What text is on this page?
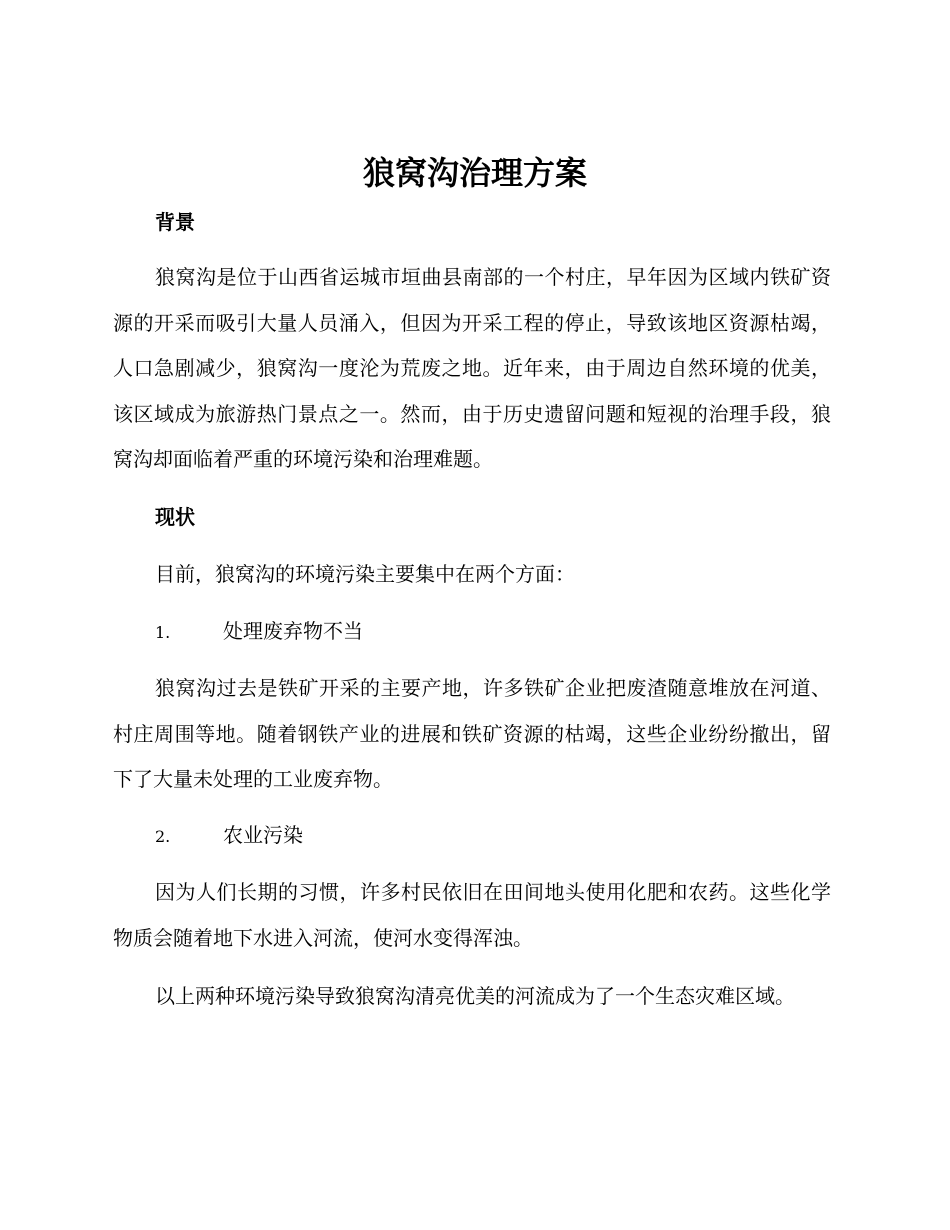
狼窝沟治理方案
背景

狼窝沟是位于山西省运城市垣曲县南部的一个村庄，早年因为区域内铁矿资源的开采而吸引大量人员涌入，但因为开采工程的停止，导致该地区资源枯竭，人口急剧减少，狼窝沟一度沦为荒废之地。近年来，由于周边自然环境的优美，该区域成为旅游热门景点之一。然而，由于历史遗留问题和短视的治理手段，狼窝沟却面临着严重的环境污染和治理难题。

现状

目前，狼窝沟的环境污染主要集中在两个方面：

1.	处理废弃物不当

狼窝沟过去是铁矿开采的主要产地，许多铁矿企业把废渣随意堆放在河道、村庄周围等地。随着钢铁产业的进展和铁矿资源的枯竭，这些企业纷纷撤出，留下了大量未处理的工业废弃物。

2.	农业污染

因为人们长期的习惯，许多村民依旧在田间地头使用化肥和农药。这些化学物质会随着地下水进入河流，使河水变得浑浊。

以上两种环境污染导致狼窝沟清亮优美的河流成为了一个生态灾难区域。
